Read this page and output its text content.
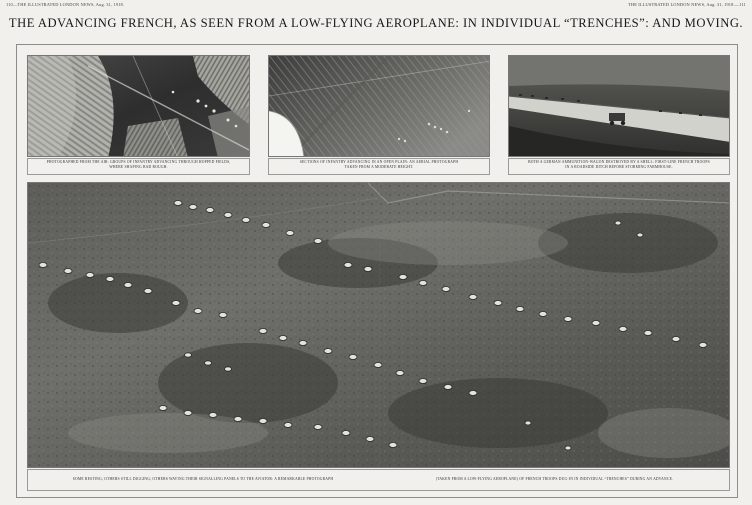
110—THE ILLUSTRATED LONDON NEWS, Aug. 31, 1918.	THE ILLUSTRATED LONDON NEWS, Aug. 31, 1918.—111
THE ADVANCING FRENCH, AS SEEN FROM A LOW-FLYING AEROPLANE: IN INDIVIDUAL “TRENCHES”: AND MOVING.
PHOTOGRAPHED FROM THE AIR: GROUPS OF INFANTRY ADVANCING THROUGH HOPPED FIELDS,
WHERE SHAPING BAD ROUGH.
SECTIONS OF INFANTRY ADVANCING IN AN OPEN PLAIN: AN AERIAL PHOTOGRAPH
TAKEN FROM A MODERATE HEIGHT.
BOTH A GERMAN AMMUNITION-WAGON DESTROYED BY A SHELL: FIRST-LINE FRENCH TROOPS
IN A ROADSIDE DITCH BEFORE STORMING FARMHOUSE.
SOME RESTING; OTHERS STILL DIGGING; OTHERS WAVING THEIR SIGNALLING PANELS TO THE AVIATOR: A REMARKABLE PHOTOGRAPH	(TAKEN FROM A LOW-FLYING AEROPLANE) OF FRENCH TROOPS DUG-IN IN INDIVIDUAL “TRENCHES” DURING AN ADVANCE.
